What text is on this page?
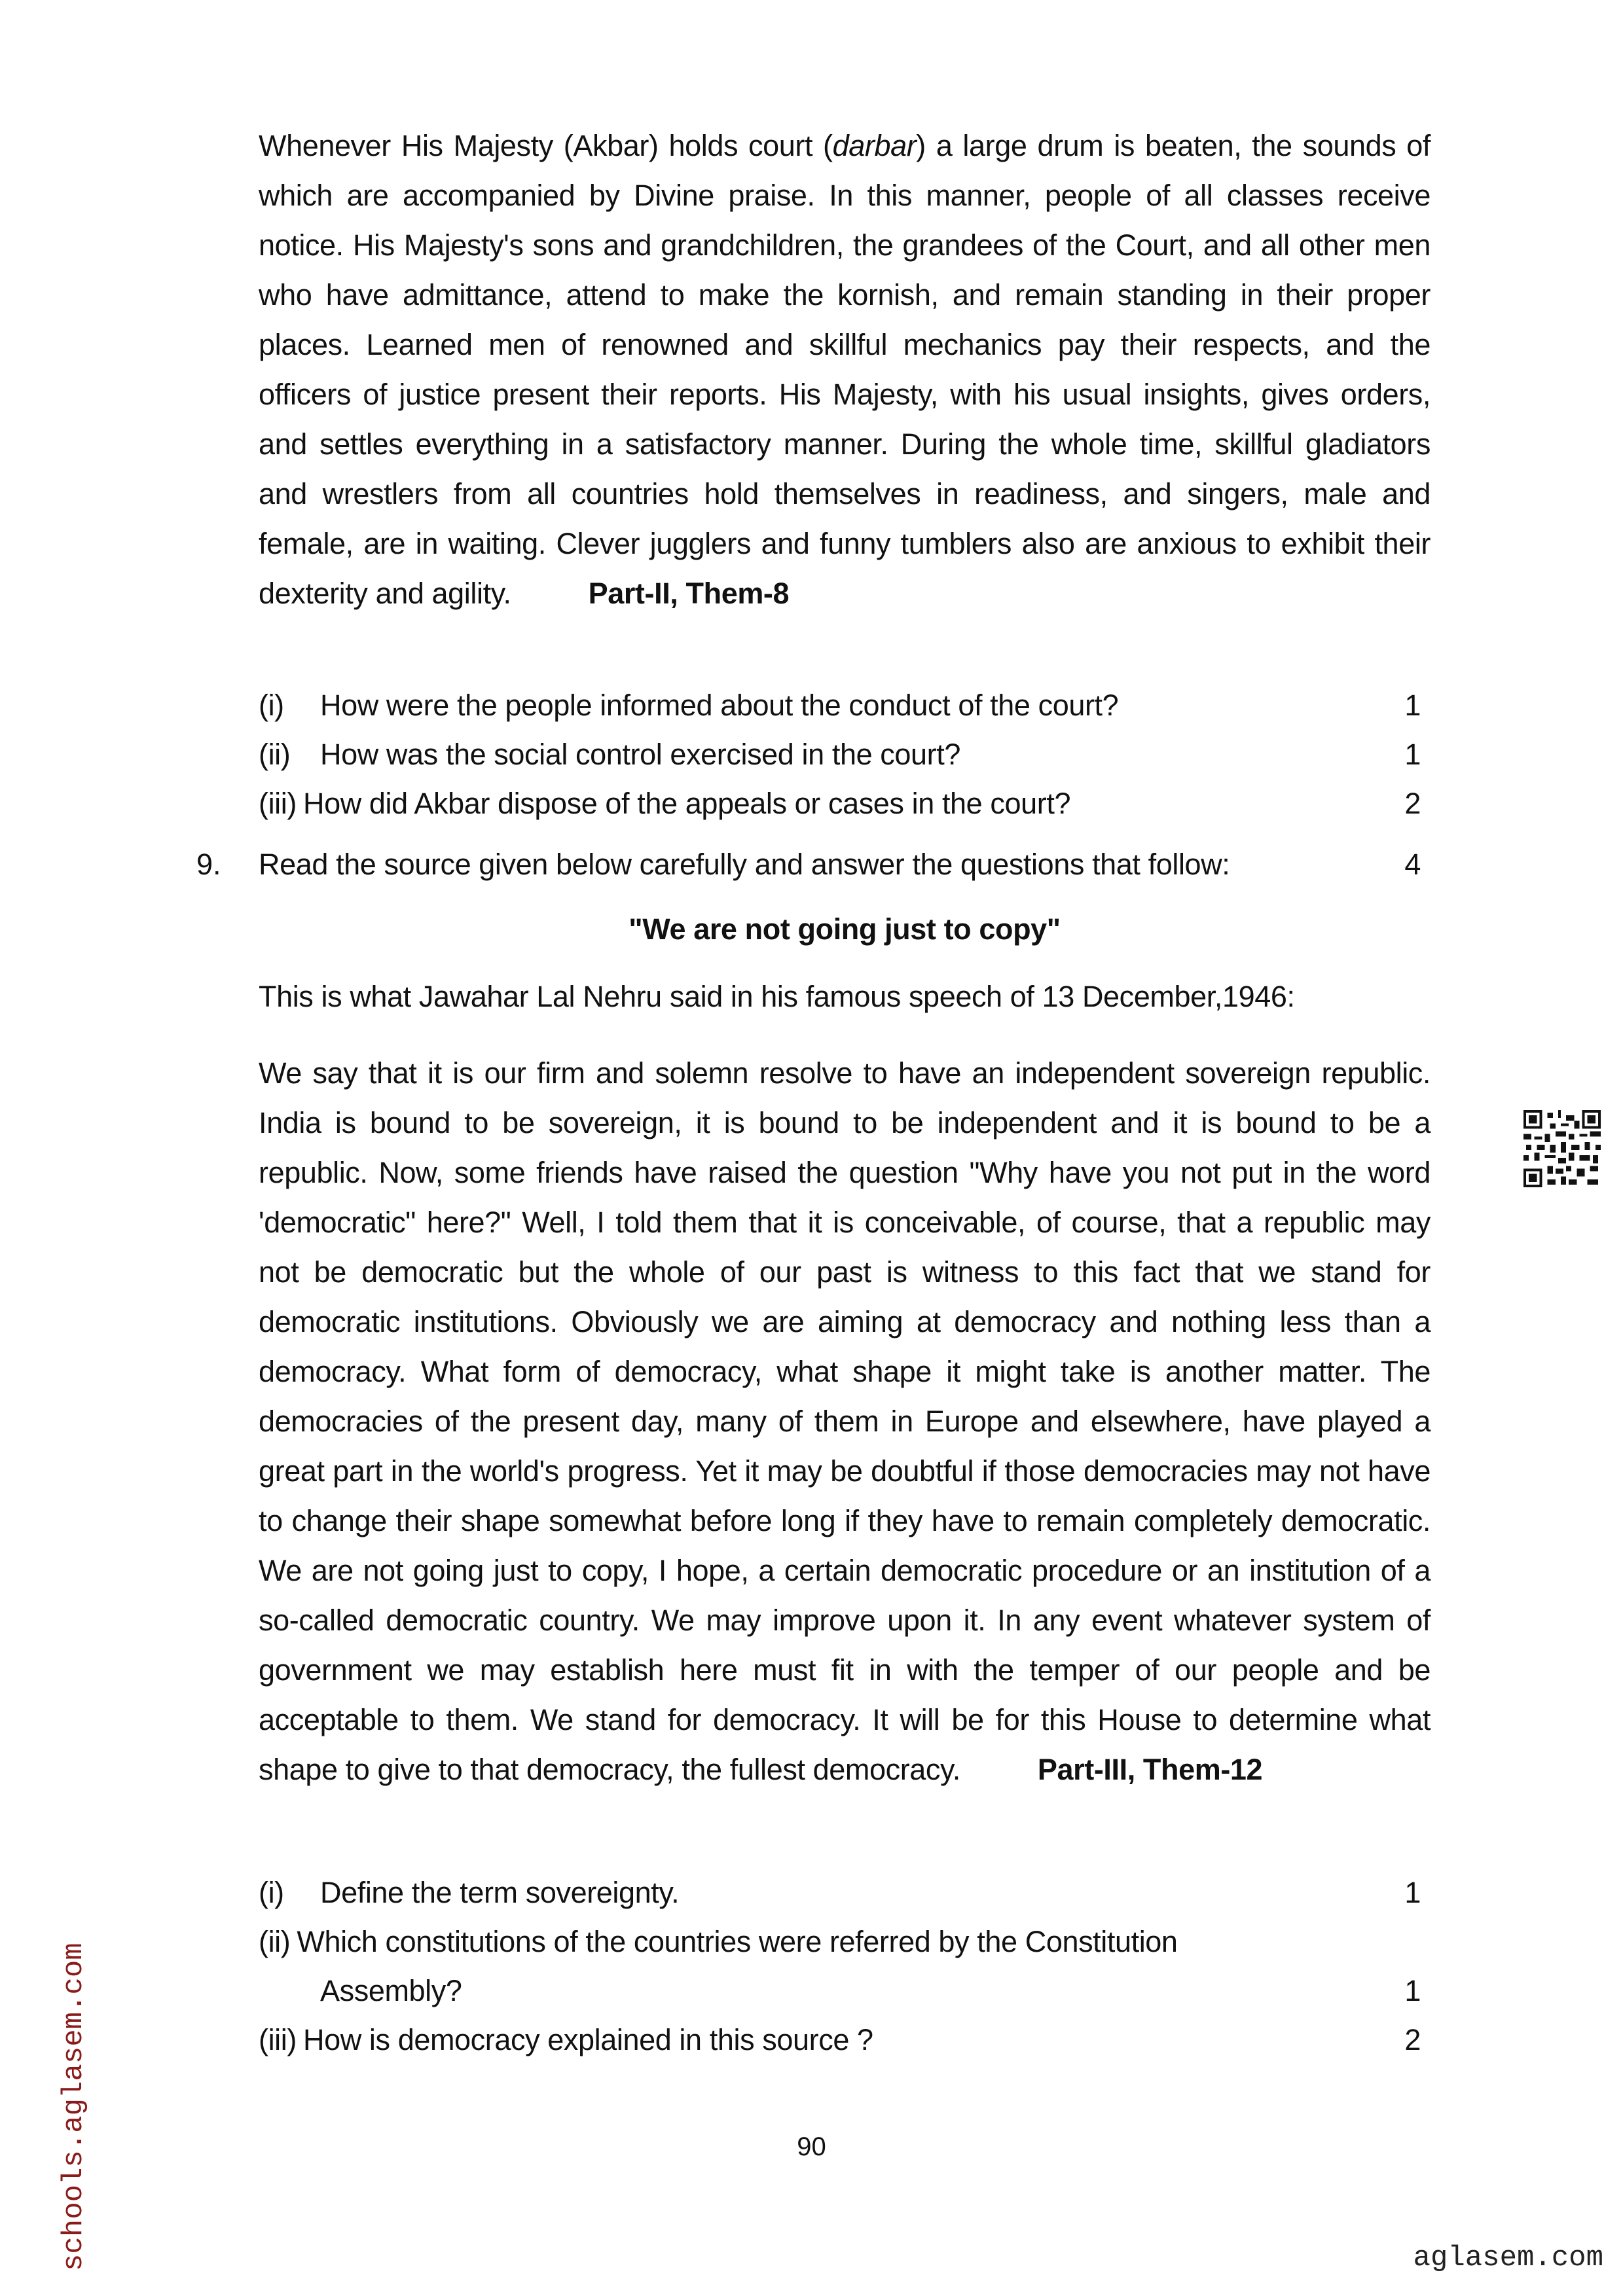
Whenever His Majesty (Akbar) holds court (darbar) a large drum is beaten, the sounds of which are accompanied by Divine praise. In this manner, people of all classes receive notice. His Majesty's sons and grandchildren, the grandees of the Court, and all other men who have admittance, attend to make the kornish, and remain standing in their proper places. Learned men of renowned and skillful mechanics pay their respects, and the officers of justice present their reports. His Majesty, with his usual insights, gives orders, and settles everything in a satisfactory manner. During the whole time, skillful gladiators and wrestlers from all countries hold themselves in readiness, and singers, male and female, are in waiting. Clever jugglers and funny tumblers also are anxious to exhibit their dexterity and agility.	Part-II, Them-8
(i) How were the people informed about the conduct of the court?	1
(ii) How was the social control exercised in the court?	1
(iii) How did Akbar dispose of the appeals or cases in the court?	2
9. Read the source given below carefully and answer the questions that follow:	4
"We are not going just to copy"
This is what Jawahar Lal Nehru said in his famous speech of 13 December,1946:
We say that it is our firm and solemn resolve to have an independent sovereign republic. India is bound to be sovereign, it is bound to be independent and it is bound to be a republic. Now, some friends have raised the question "Why have you not put in the word 'democratic" here?" Well, I told them that it is conceivable, of course, that a republic may not be democratic but the whole of our past is witness to this fact that we stand for democratic institutions. Obviously we are aiming at democracy and nothing less than a democracy. What form of democracy, what shape it might take is another matter. The democracies of the present day, many of them in Europe and elsewhere, have played a great part in the world's progress. Yet it may be doubtful if those democracies may not have to change their shape somewhat before long if they have to remain completely democratic. We are not going just to copy, I hope, a certain democratic procedure or an institution of a so-called democratic country. We may improve upon it. In any event whatever system of government we may establish here must fit in with the temper of our people and be acceptable to them. We stand for democracy. It will be for this House to determine what shape to give to that democracy, the fullest democracy.	Part-III, Them-12
(i) Define the term sovereignty.	1
(ii) Which constitutions of the countries were referred by the Constitution
Assembly?	1
(iii) How is democracy explained in this source ?	2
90
schools.aglasem.com	aglasem.com
